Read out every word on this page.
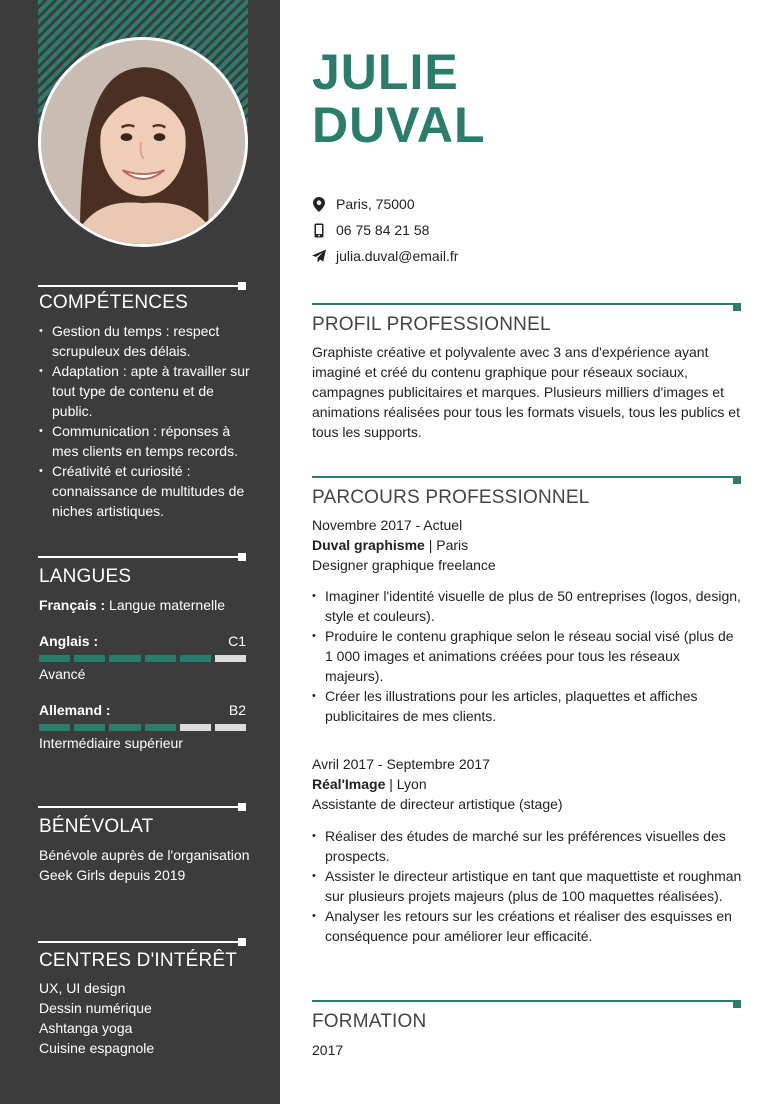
COMPÉTENCES
• Gestion du temps : respect scrupuleux des délais.
• Adaptation : apte à travailler sur tout type de contenu et de public.
• Communication : réponses à mes clients en temps records.
• Créativité et curiosité : connaissance de multitudes de niches artistiques.
LANGUES
Français : Langue maternelle
Anglais :	C1
Avancé
Allemand :	B2
Intermédiaire supérieur
BÉNÉVOLAT
Bénévole auprès de l'organisation Geek Girls depuis 2019
CENTRES D'INTÉRÊT
UX, UI design
Dessin numérique
Ashtanga yoga
Cuisine espagnole
JULIE
DUVAL
Paris, 75000
06 75 84 21 58
julia.duval@email.fr
PROFIL PROFESSIONNEL
Graphiste créative et polyvalente avec 3 ans d'expérience ayant imaginé et créé du contenu graphique pour réseaux sociaux, campagnes publicitaires et marques. Plusieurs milliers d'images et animations réalisées pour tous les formats visuels, tous les publics et tous les supports.
PARCOURS PROFESSIONNEL
Novembre 2017 - Actuel
Duval graphisme | Paris
Designer graphique freelance
• Imaginer l'identité visuelle de plus de 50 entreprises (logos, design, style et couleurs).
• Produire le contenu graphique selon le réseau social visé (plus de 1 000 images et animations créées pour tous les réseaux majeurs).
• Créer les illustrations pour les articles, plaquettes et affiches publicitaires de mes clients.
Avril 2017 - Septembre 2017
Réal'Image | Lyon
Assistante de directeur artistique (stage)
• Réaliser des études de marché sur les préférences visuelles des prospects.
• Assister le directeur artistique en tant que maquettiste et roughman sur plusieurs projets majeurs (plus de 100 maquettes réalisées).
• Analyser les retours sur les créations et réaliser des esquisses en conséquence pour améliorer leur efficacité.
FORMATION
2017
